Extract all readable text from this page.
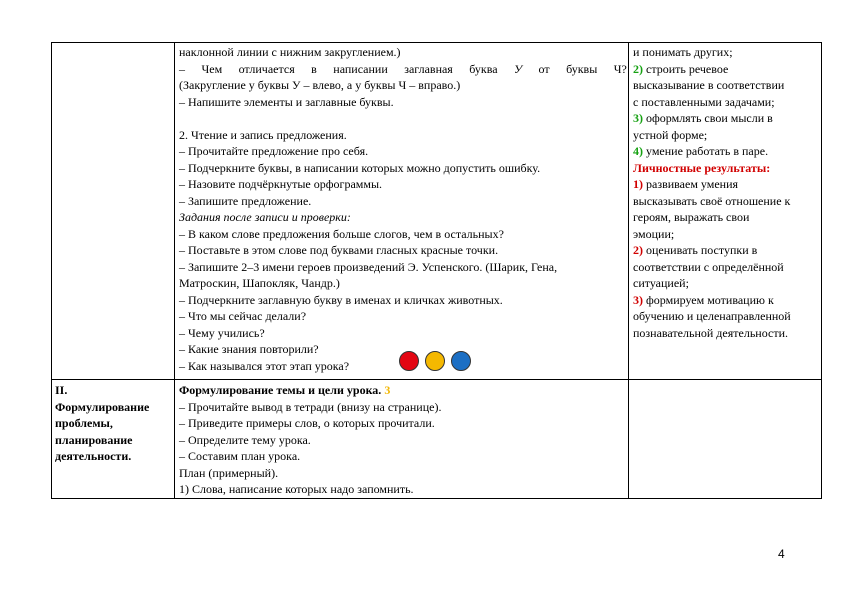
наклонной линии с нижним закруглением.)
– Чем отличается в написании заглавная буква У от буквы Ч?
(Закругление у буквы У – влево, а у буквы Ч – вправо.)
– Напишите элементы и заглавные буквы.
2. Чтение и запись предложения.
– Прочитайте предложение про себя.
– Подчеркните буквы, в написании которых можно допустить ошибку.
– Назовите подчёркнутые орфограммы.
– Запишите предложение.
Задания после записи и проверки:
– В каком слове предложения больше слогов, чем в остальных?
– Поставьте в этом слове под буквами гласных красные точки.
– Запишите 2–3 имени героев произведений Э. Успенского. (Шарик, Гена,
Матроскин, Шапокляк, Чандр.)
– Подчеркните заглавную букву в именах и кличках животных.
– Что мы сейчас делали?
– Чему учились?
– Какие знания повторили?
– Как назывался этот этап урока?
и понимать других;
2) строить речевое
высказывание в соответствии
с поставленными задачами;
3) оформлять свои мысли в
устной форме;
4) умение работать в паре.
Личностные результаты:
1) развиваем умения
высказывать своё отношение к
героям, выражать свои
эмоции;
2) оценивать поступки в
соответствии с определённой
ситуацией;
3) формируем мотивацию к
обучению и целенаправленной
познавательной деятельности.
II.
Формулирование
проблемы,
планирование
деятельности.
Формулирование темы и цели урока. 3
– Прочитайте вывод в тетради (внизу на странице).
– Приведите примеры слов, о которых прочитали.
– Определите тему урока.
– Составим план урока.
План (примерный).
1) Слова, написание которых надо запомнить.
4
